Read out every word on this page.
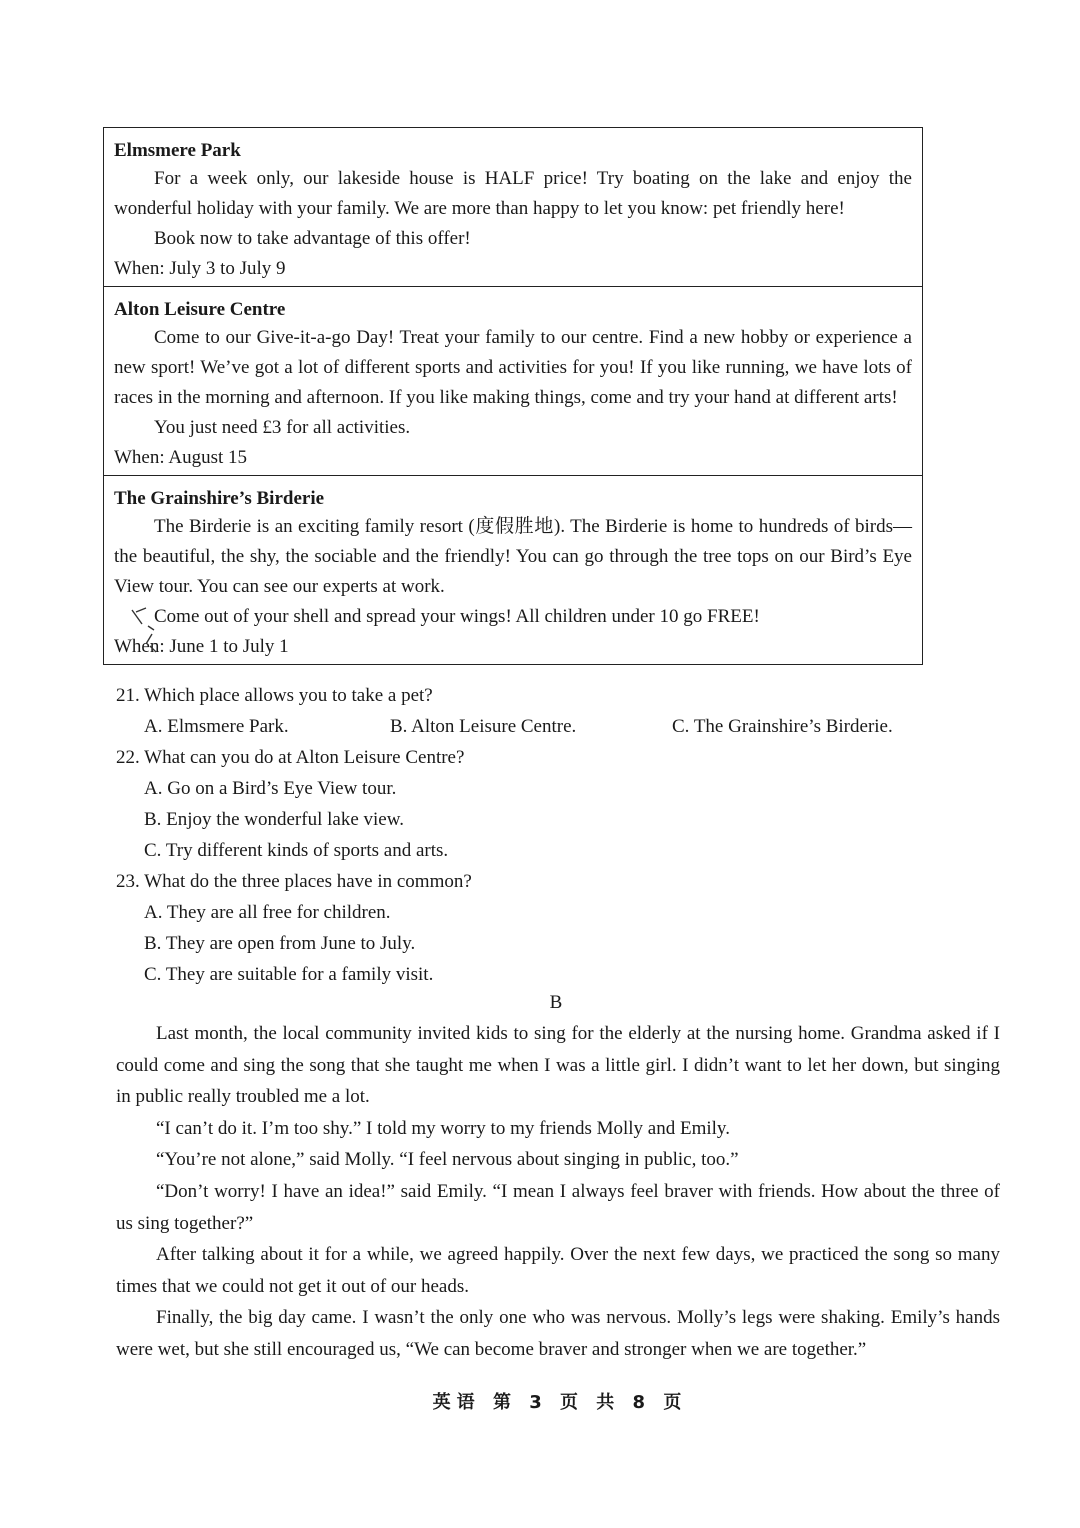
Elmsmere Park

For a week only, our lakeside house is HALF price! Try boating on the lake and enjoy the wonderful holiday with your family. We are more than happy to let you know: pet friendly here!

Book now to take advantage of this offer!

When: July 3 to July 9

Alton Leisure Centre

Come to our Give-it-a-go Day! Treat your family to our centre. Find a new hobby or experience a new sport! We’ve got a lot of different sports and activities for you! If you like running, we have lots of races in the morning and afternoon. If you like making things, come and try your hand at different arts!

You just need £3 for all activities.

When: August 15

The Grainshire’s Birderie

The Birderie is an exciting family resort (度假胜地). The Birderie is home to hundreds of birds—the beautiful, the shy, the sociable and the friendly! You can go through the tree tops on our Bird’s Eye View tour. You can see our experts at work.

Come out of your shell and spread your wings! All children under 10 go FREE!

When: June 1 to July 1

21. Which place allows you to take a pet?

A. Elmsmere Park.	B. Alton Leisure Centre.	C. The Grainshire’s Birderie.

22. What can you do at Alton Leisure Centre?

A. Go on a Bird’s Eye View tour.
B. Enjoy the wonderful lake view.
C. Try different kinds of sports and arts.

23. What do the three places have in common?

A. They are all free for children.
B. They are open from June to July.
C. They are suitable for a family visit.
B

Last month, the local community invited kids to sing for the elderly at the nursing home. Grandma asked if I could come and sing the song that she taught me when I was a little girl. I didn’t want to let her down, but singing in public really troubled me a lot.

“I can’t do it. I’m too shy.” I told my worry to my friends Molly and Emily.

“You’re not alone,” said Molly. “I feel nervous about singing in public, too.”

“Don’t worry! I have an idea!” said Emily. “I mean I always feel braver with friends. How about the three of us sing together?”

After talking about it for a while, we agreed happily. Over the next few days, we practiced the song so many times that we could not get it out of our heads.

Finally, the big day came. I wasn’t the only one who was nervous. Molly’s legs were shaking. Emily’s hands were wet, but she still encouraged us, “We can become braver and stronger when we are together.”

英语 第 3 页 共 8 页
